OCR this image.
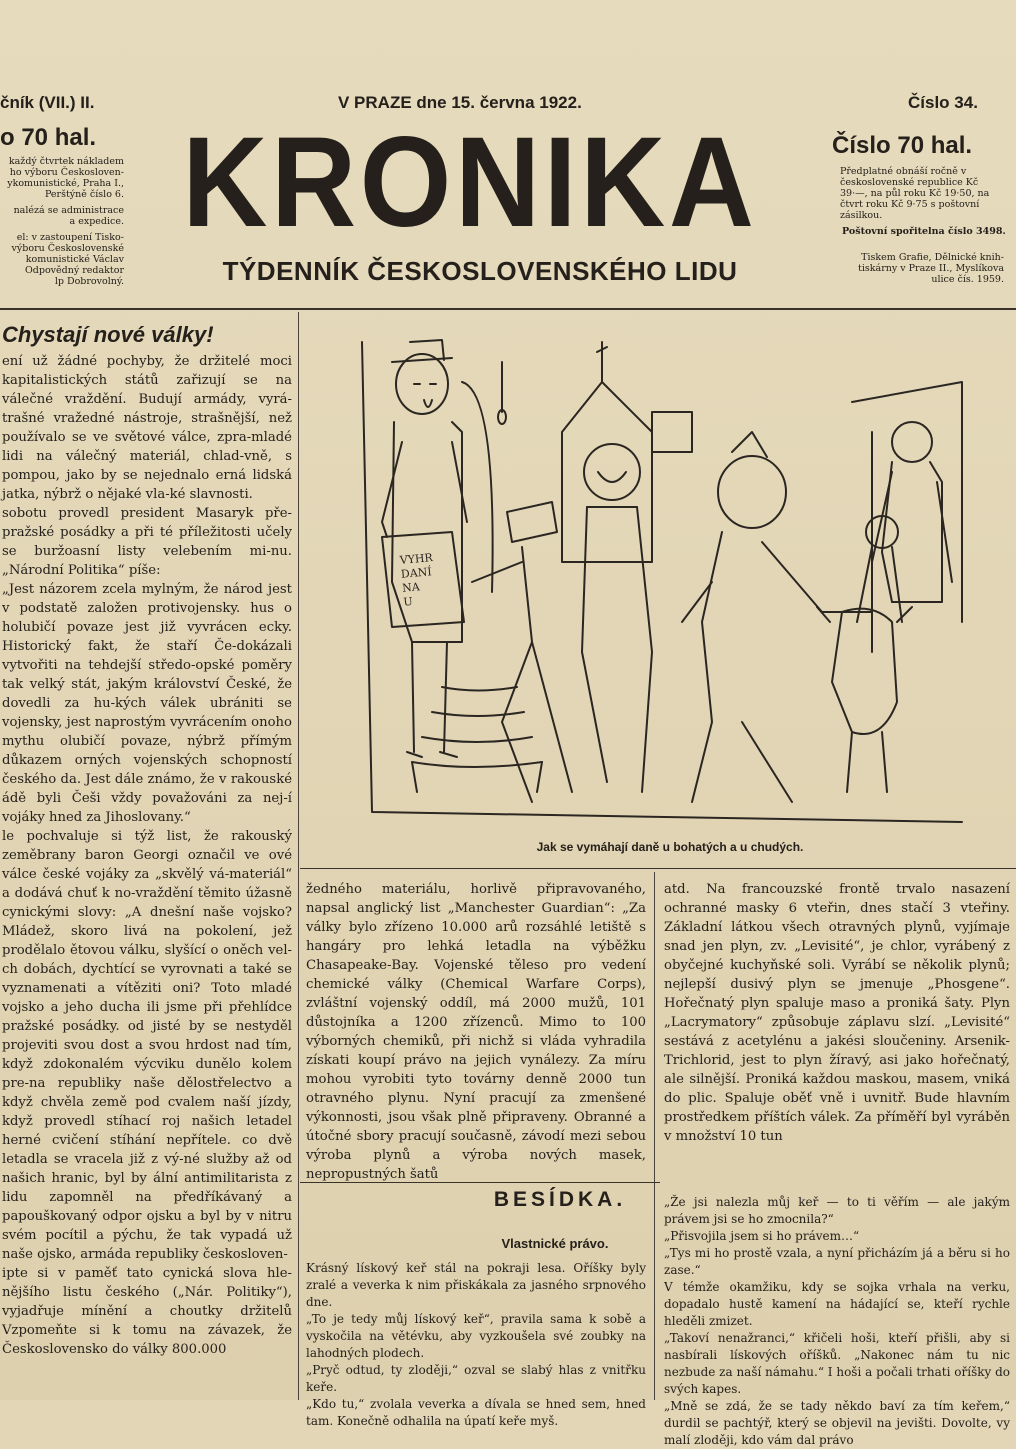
čník (VII.) II.	V PRAZE dne 15. června 1922.	Číslo 34.
o 70 hal.	Číslo 70 hal.
každý čtvrtek nákladem
ho výboru Českosloven-
ykomunistické, Praha I.,
Perštýně číslo 6.
nalézá se administrace
a expedice.
el: v zastoupení Tisko-
výboru Československé
komunistické Václav
Odpovědný redaktor
lp Dobrovolný.
Předplatné obnáší ročně v
československé republice Kč
39·—, na půl roku Kč 19·50, na
čtvrt roku Kč 9·75 s poštovní
zásilkou.
Poštovní spořitelna číslo 3498.
Tiskem Grafie, Dělnické knih-
tiskárny v Praze II., Myslíkova
ulice čís. 1959.
KRONIKA
TÝDENNÍK ČESKOSLOVENSKÉHO LIDU
Chystají nové války!
ení už žádné pochyby, že držitelé moci kapitalistických států zařizují se na válečné vraždění. Budují armády, vyrá-trašné vražedné nástroje, strašnější, než používalo se ve světové válce, zpra-mladé lidi na válečný materiál, chlad-vně, s pompou, jako by se nejednalo erná lidská jatka, nýbrž o nějaké vla-ké slavnosti.
sobotu provedl president Masaryk pře-pražské posádky a při té příležitosti učely se buržoasní listy velebením mi-nu. „Národní Politika“ píše:
„Jest názorem zcela mylným, že národ jest v podstatě založen protivojensky. hus o holubičí povaze jest již vyvrácen ecky. Historický fakt, že staří Če-dokázali vytvořiti na tehdejší středo-opské poměry tak velký stát, jakým království České, že dovedli za hu-kých válek ubrániti se vojensky, jest naprostým vyvrácením onoho mythu olubičí povaze, nýbrž přímým důkazem orných vojenských schopností českého da. Jest dále známo, že v rakouské ádě byli Češi vždy považováni za nej-í vojáky hned za Jihoslovany.“
le pochvaluje si týž list, že rakouský zeměbrany baron Georgi označil ve ové válce české vojáky za „skvělý vá-materiál“ a dodává chuť k no-vraždění těmito úžasně cynickými slovy: „A dnešní naše vojsko? Mládež, skoro livá na pokolení, jež prodělalo ětovou válku, slyšící o oněch vel-ch dobách, dychtící se vyrovnati a také se vyznamenati a vítěziti oni? Toto mladé vojsko a jeho ducha ili jsme při přehlídce pražské posádky. od jisté by se nestyděl projeviti svou dost a svou hrdost nad tím, když zdokonalém výcviku dunělo kolem pre-na republiky naše dělostřelectvo a když chvěla země pod cvalem naší jízdy, když provedl stíhací roj našich letadel herné cvičení stíhání nepřítele. co dvě letadla se vracela již z vý-né služby až od našich hranic, byl by ální antimilitarista z lidu zapomněl na předříkávaný a papouškovaný odpor ojsku a byl by v nitru svém pocítil a pýchu, že tak vypadá už naše ojsko, armáda republiky českosloven-
ipte si v paměť tato cynická slova hle-nějšího listu českého („Nár. Politiky“), vyjadřuje mínění a choutky držitelů Vzpomeňte si k tomu na závazek, že Československo do války 800.000
VYHRDANÍNAU
Jak se vymáhají daně u bohatých a u chudých.
žedného materiálu, horlivě připravovaného, napsal anglický list „Manchester Guardian“: „Za války bylo zřízeno 10.000 arů rozsáhlé letiště s hangáry pro lehká letadla na výběžku Chasapeake-Bay. Vojenské těleso pro vedení chemické války (Chemical Warfare Corps), zvláštní vojenský oddíl, má 2000 mužů, 101 důstojníka a 1200 zřízenců. Mimo to 100 výborných chemiků, při nichž si vláda vyhradila získati koupí právo na jejich vynálezy. Za míru mohou vyrobiti tyto továrny denně 2000 tun otravného plynu. Nyní pracují za zmenšené výkonnosti, jsou však plně připraveny. Obranné a útočné sbory pracují současně, závodí mezi sebou výroba plynů a výroba nových masek, nepropustných šatů
atd. Na francouzské frontě trvalo nasazení ochranné masky 6 vteřin, dnes stačí 3 vteřiny. Základní látkou všech otravných plynů, vyjímaje snad jen plyn, zv. „Levisité“, je chlor, vyrábený z obyčejné kuchyňské soli. Vyrábí se několik plynů; nejlepší dusivý plyn se jmenuje „Phosgene“. Hořečnatý plyn spaluje maso a proniká šaty. Plyn „Lacrymatory“ způsobuje záplavu slzí. „Levisité“ sestává z acetylénu a jakési sloučeniny. Arsenik-Trichlorid, jest to plyn žíravý, asi jako hořečnatý, ale silnější. Proniká každou maskou, masem, vniká do plic. Spaluje oběť vně i uvnitř. Bude hlavním prostředkem příštích válek. Za příměří byl vyráběn v množství 10 tun
BESÍDKA.
Vlastnické právo.
Krásný lískový keř stál na pokraji lesa. Oříšky byly zralé a veverka k nim přiskákala za jasného srpnového dne.
„To je tedy můj lískový keř“, pravila sama k sobě a vyskočila na větévku, aby vyzkoušela své zoubky na lahodných plodech.
„Pryč odtud, ty zloději,“ ozval se slabý hlas z vnitřku keře.
„Kdo tu,“ zvolala veverka a dívala se hned sem, hned tam. Konečně odhalila na úpatí keře myš.
„Že jsi nalezla můj keř — to ti věřím — ale jakým právem jsi se ho zmocnila?“
„Přisvojila jsem si ho právem…“
„Tys mi ho prostě vzala, a nyní přicházím já a běru si ho zase.“
V témže okamžiku, kdy se sojka vrhala na verku, dopadalo hustě kamení na hádající se, kteří rychle hleděli zmizet.
„Takoví nenažranci,“ křičeli hoši, kteří přišli, aby si nasbírali lískových oříšků. „Nakonec nám tu nic nezbude za naší námahu.“ I hoši a počali trhati oříšky do svých kapes.
„Mně se zdá, že se tady někdo baví za tím keřem,“ durdil se pachtýř, který se objevil na jevišti. Dovolte, vy malí zloději, kdo vám dal právo
